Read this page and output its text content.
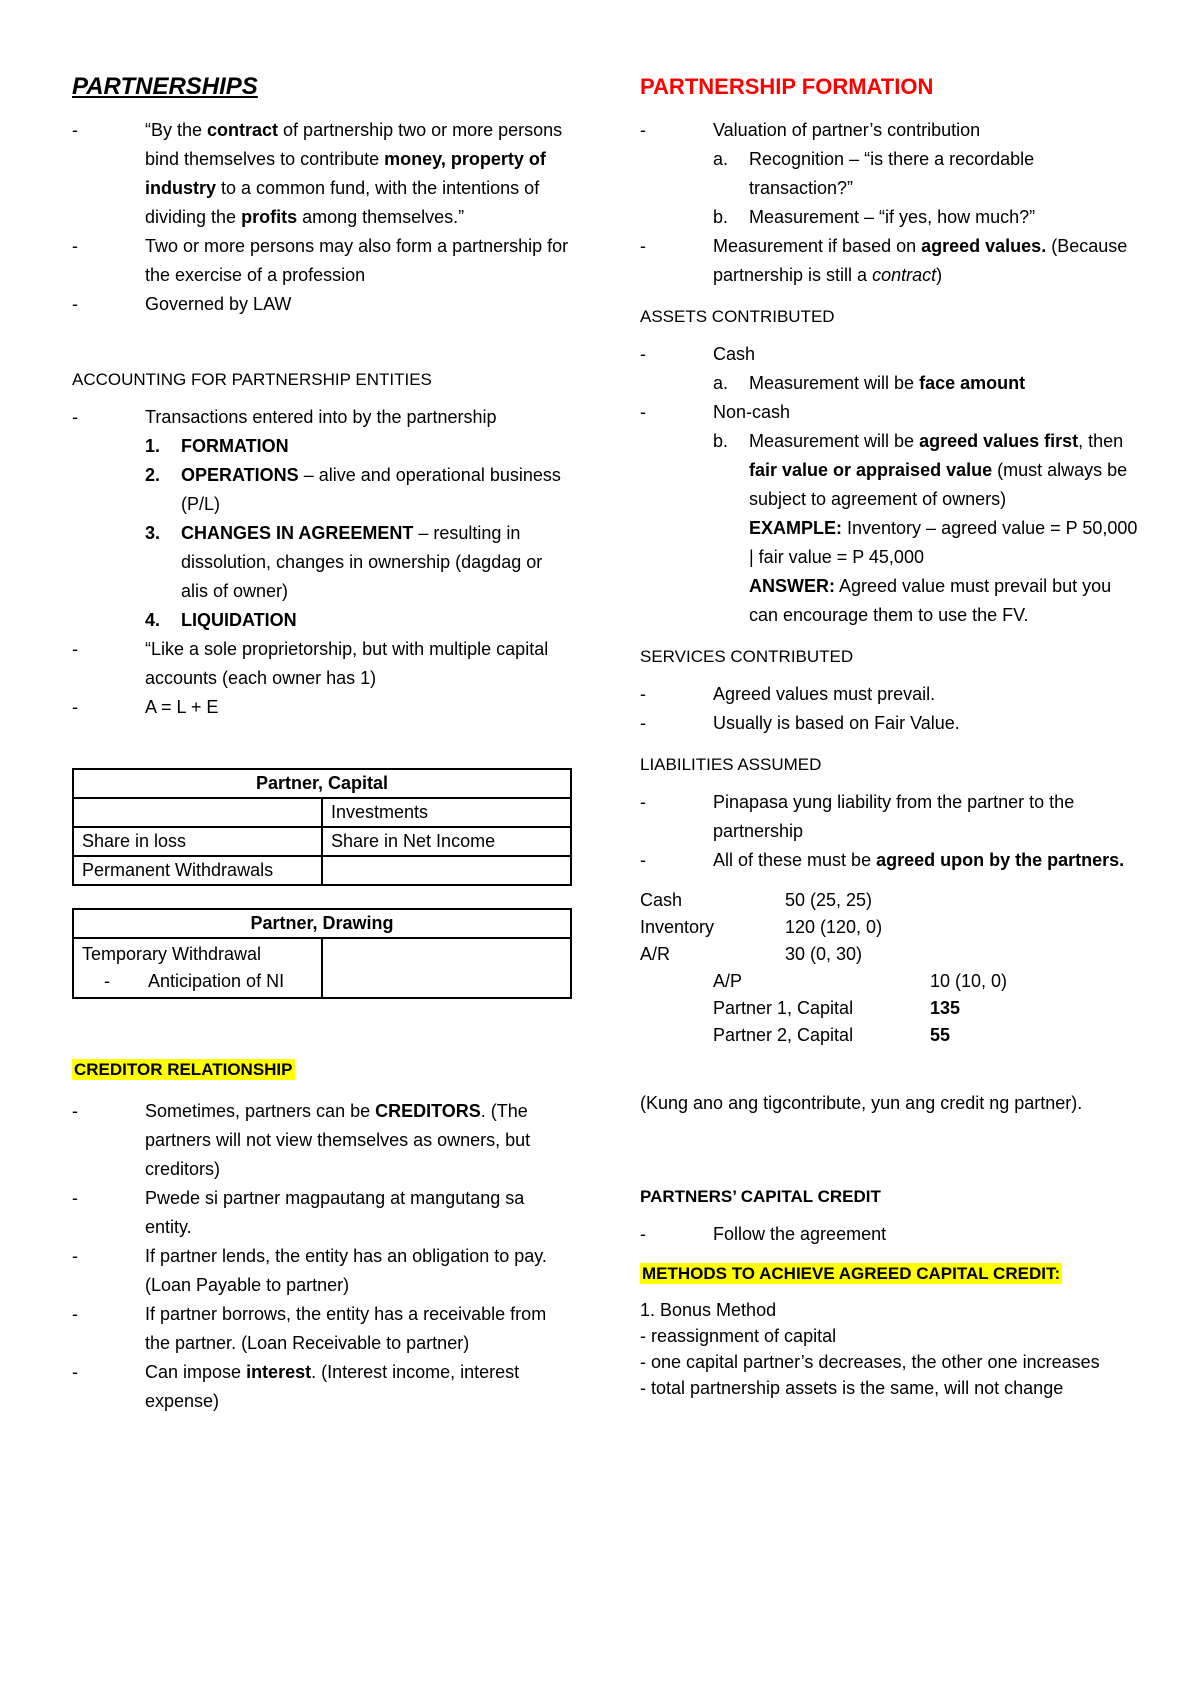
PARTNERSHIPS
- “By the contract of partnership two or more persons bind themselves to contribute money, property of industry to a common fund, with the intentions of dividing the profits among themselves.”
- Two or more persons may also form a partnership for the exercise of a profession
- Governed by LAW
ACCOUNTING FOR PARTNERSHIP ENTITIES
- Transactions entered into by the partnership
1. FORMATION
2. OPERATIONS – alive and operational business (P/L)
3. CHANGES IN AGREEMENT – resulting in dissolution, changes in ownership (dagdag or alis of owner)
4. LIQUIDATION
- “Like a sole proprietorship, but with multiple capital accounts (each owner has 1)
- A = L + E
Partner, Capital	
	Investments
Share in loss	Share in Net Income
Permanent Withdrawals	
Partner, Drawing

Temporary Withdrawal
- Anticipation of NI

CREDITOR RELATIONSHIP
- Sometimes, partners can be CREDITORS. (The partners will not view themselves as owners, but creditors)
- Pwede si partner magpautang at mangutang sa entity.
- If partner lends, the entity has an obligation to pay. (Loan Payable to partner)
- If partner borrows, the entity has a receivable from the partner. (Loan Receivable to partner)
- Can impose interest. (Interest income, interest expense)
PARTNERSHIP FORMATION
- Valuation of partner’s contribution
a. Recognition – “is there a recordable transaction?”
b. Measurement – “if yes, how much?”
- Measurement if based on agreed values. (Because partnership is still a contract)
ASSETS CONTRIBUTED
- Cash
a. Measurement will be face amount
- Non-cash
b. Measurement will be agreed values first, then fair value or appraised value (must always be subject to agreement of owners)
EXAMPLE: Inventory – agreed value = P 50,000 | fair value = P 45,000
ANSWER: Agreed value must prevail but you can encourage them to use the FV.
SERVICES CONTRIBUTED
- Agreed values must prevail.
- Usually is based on Fair Value.
LIABILITIES ASSUMED
- Pinapasa yung liability from the partner to the partnership
- All of these must be agreed upon by the partners.
Cash	50 (25, 25)
Inventory	120 (120, 0)
A/R	30 (0, 30)
A/P	10 (10, 0)
Partner 1, Capital	135
Partner 2, Capital	55

(Kung ano ang tigcontribute, yun ang credit ng partner).

PARTNERS’ CAPITAL CREDIT
- Follow the agreement
METHODS TO ACHIEVE AGREED CAPITAL CREDIT:
1. Bonus Method
- reassignment of capital
- one capital partner’s decreases, the other one increases
- total partnership assets is the same, will not change
